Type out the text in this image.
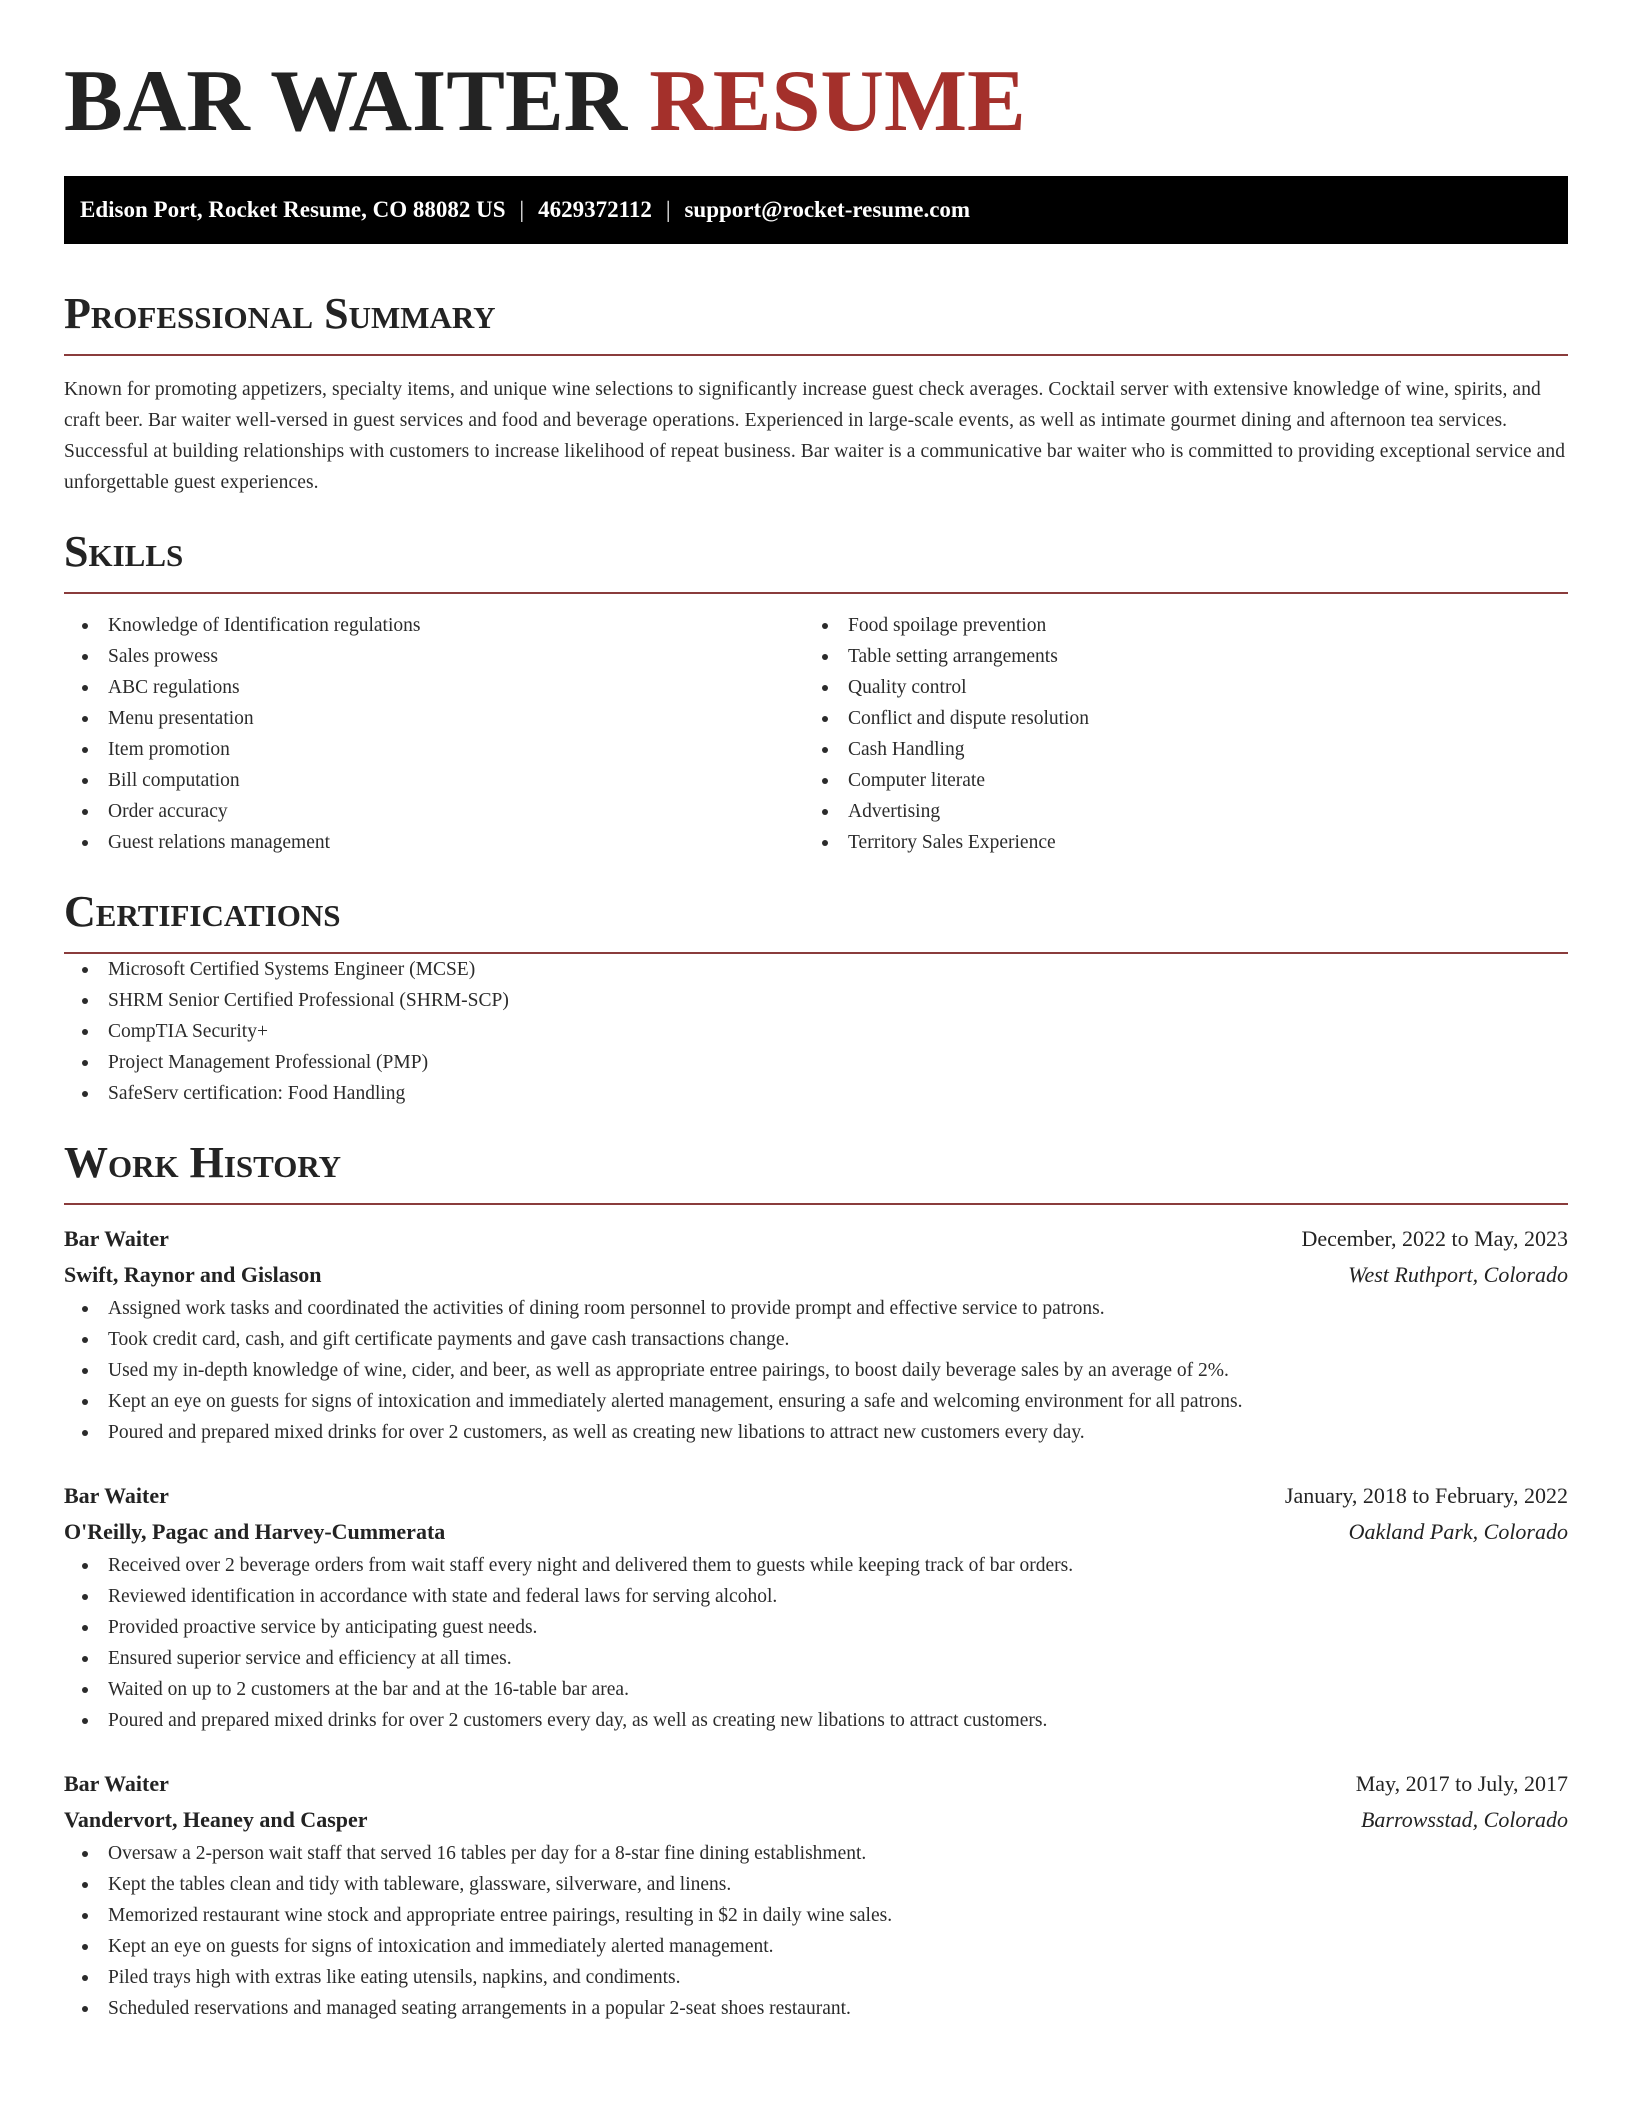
BAR WAITER RESUME
Edison Port, Rocket Resume, CO 88082 US | 4629372112 | support@rocket-resume.com
Professional Summary

Known for promoting appetizers, specialty items, and unique wine selections to significantly increase guest check averages. Cocktail server with extensive knowledge of wine, spirits, and craft beer. Bar waiter well-versed in guest services and food and beverage operations. Experienced in large-scale events, as well as intimate gourmet dining and afternoon tea services. Successful at building relationships with customers to increase likelihood of repeat business. Bar waiter is a communicative bar waiter who is committed to providing exceptional service and unforgettable guest experiences.

Skills
Knowledge of Identification regulations
Sales prowess
ABC regulations
Menu presentation
Item promotion
Bill computation
Order accuracy
Guest relations management
Food spoilage prevention
Table setting arrangements
Quality control
Conflict and dispute resolution
Cash Handling
Computer literate
Advertising
Territory Sales Experience
Certifications
Microsoft Certified Systems Engineer (MCSE)
SHRM Senior Certified Professional (SHRM-SCP)
CompTIA Security+
Project Management Professional (PMP)
SafeServ certification: Food Handling
Work History
Bar Waiter	December, 2022 to May, 2023
Swift, Raynor and Gislason	West Ruthport, Colorado
Assigned work tasks and coordinated the activities of dining room personnel to provide prompt and effective service to patrons.
Took credit card, cash, and gift certificate payments and gave cash transactions change.
Used my in-depth knowledge of wine, cider, and beer, as well as appropriate entree pairings, to boost daily beverage sales by an average of 2%.
Kept an eye on guests for signs of intoxication and immediately alerted management, ensuring a safe and welcoming environment for all patrons.
Poured and prepared mixed drinks for over 2 customers, as well as creating new libations to attract new customers every day.
Bar Waiter	January, 2018 to February, 2022
O'Reilly, Pagac and Harvey-Cummerata	Oakland Park, Colorado
Received over 2 beverage orders from wait staff every night and delivered them to guests while keeping track of bar orders.
Reviewed identification in accordance with state and federal laws for serving alcohol.
Provided proactive service by anticipating guest needs.
Ensured superior service and efficiency at all times.
Waited on up to 2 customers at the bar and at the 16-table bar area.
Poured and prepared mixed drinks for over 2 customers every day, as well as creating new libations to attract customers.
Bar Waiter	May, 2017 to July, 2017
Vandervort, Heaney and Casper	Barrowsstad, Colorado
Oversaw a 2-person wait staff that served 16 tables per day for a 8-star fine dining establishment.
Kept the tables clean and tidy with tableware, glassware, silverware, and linens.
Memorized restaurant wine stock and appropriate entree pairings, resulting in $2 in daily wine sales.
Kept an eye on guests for signs of intoxication and immediately alerted management.
Piled trays high with extras like eating utensils, napkins, and condiments.
Scheduled reservations and managed seating arrangements in a popular 2-seat shoes restaurant.
